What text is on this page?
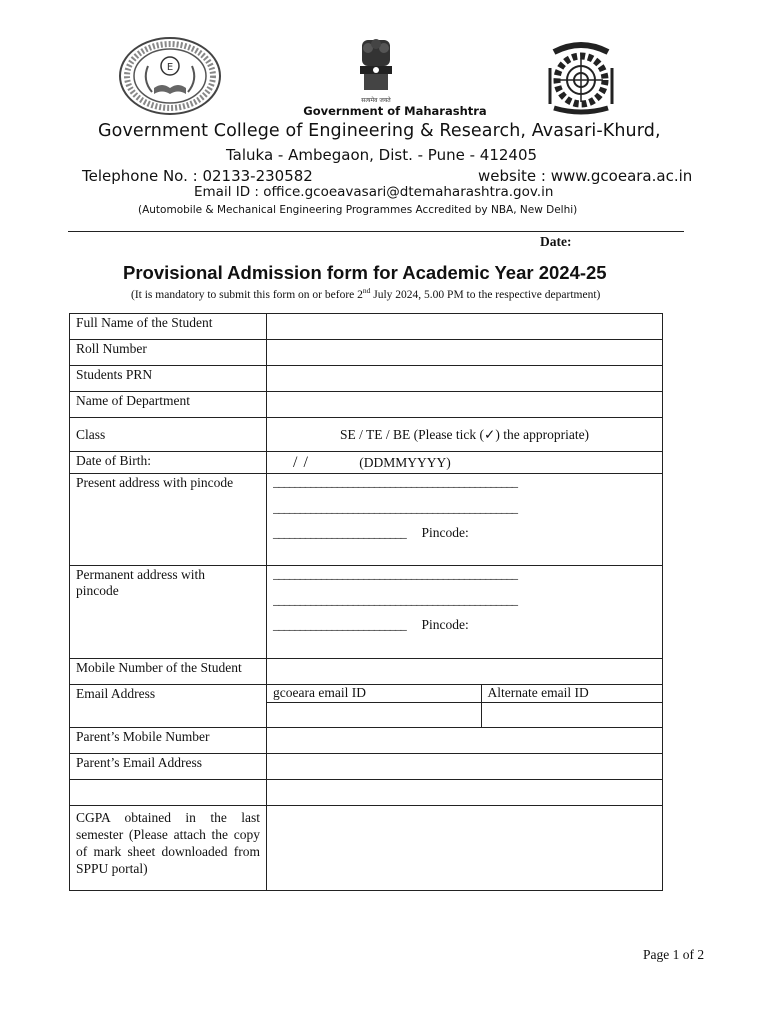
E
सत्यमेव जयते
Government of Maharashtra
Government College of Engineering & Research, Avasari-Khurd,
Taluka - Ambegaon, Dist. - Pune - 412405
Telephone No. : 02133-230582	website : www.gcoeara.ac.in
Email ID : office.gcoeavasari@dtemaharashtra.gov.in
(Automobile & Mechanical Engineering Programmes Accredited by NBA, New Delhi)
Date:
Provisional Admission form for Academic Year 2024-25
(It is mandatory to submit this form on or before 2nd July 2024, 5.00 PM to the respective department)
Full Name of the Student	
Roll Number	
Students PRN	
Name of Department	
Class	SE / TE / BE (Please tick (✓) the appropriate)
Date of Birth:	/ /	(DDMMYYYY)
Present address with pincode	______________________________________________
______________________________________________
_________________________ Pincode:

Permanent address with
pincode	
______________________________________________
______________________________________________
_________________________ Pincode:

Mobile Number of the Student	
Email Address		gcoeara email ID	Alternate email ID

Parent’s Mobile Number	
Parent’s Email Address	

CGPA obtained in the last semester (Please attach the copy of mark sheet downloaded from SPPU portal)	
Page 1 of 2
